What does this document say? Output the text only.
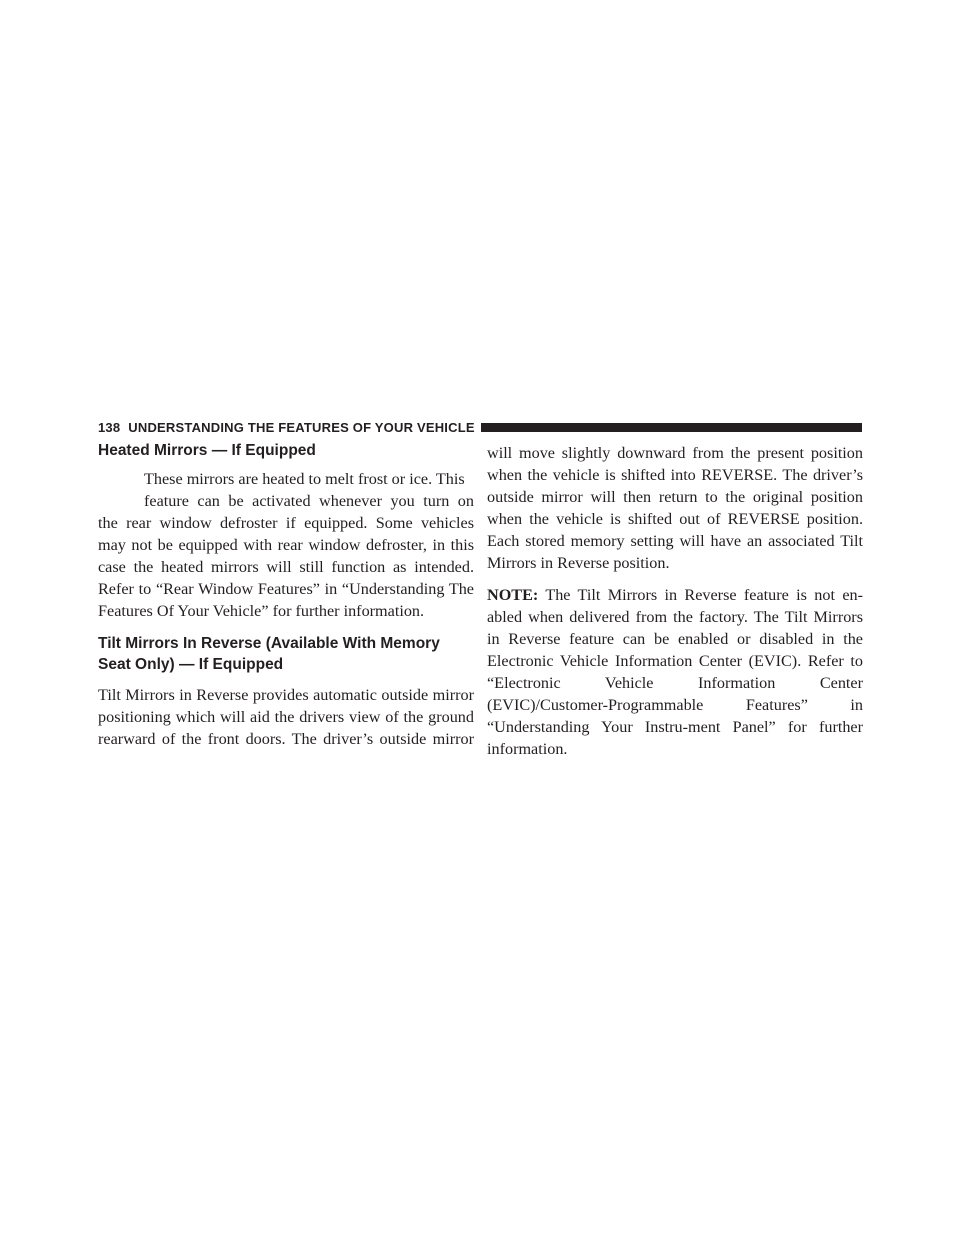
138 UNDERSTANDING THE FEATURES OF YOUR VEHICLE
Heated Mirrors — If Equipped

These mirrors are heated to melt frost or ice. This
feature can be activated whenever you turn on
the rear window defroster if equipped. Some vehicles may not be equipped with rear window defroster, in this case the heated mirrors will still function as intended. Refer to “Rear Window Features” in “Understanding The Features Of Your Vehicle” for further information.

Tilt Mirrors In Reverse (Available With Memory
Seat Only) — If Equipped

Tilt Mirrors in Reverse provides automatic outside mirror positioning which will aid the drivers view of the ground rearward of the front doors. The driver’s outside mirror

will move slightly downward from the present position when the vehicle is shifted into REVERSE. The driver’s outside mirror will then return to the original position when the vehicle is shifted out of REVERSE position. Each stored memory setting will have an associated Tilt Mirrors in Reverse position.

NOTE: The Tilt Mirrors in Reverse feature is not en-abled when delivered from the factory. The Tilt Mirrors in Reverse feature can be enabled or disabled in the Electronic Vehicle Information Center (EVIC). Refer to “Electronic Vehicle Information Center (EVIC)/Customer-Programmable Features” in “Understanding Your Instru-ment Panel” for further information.
